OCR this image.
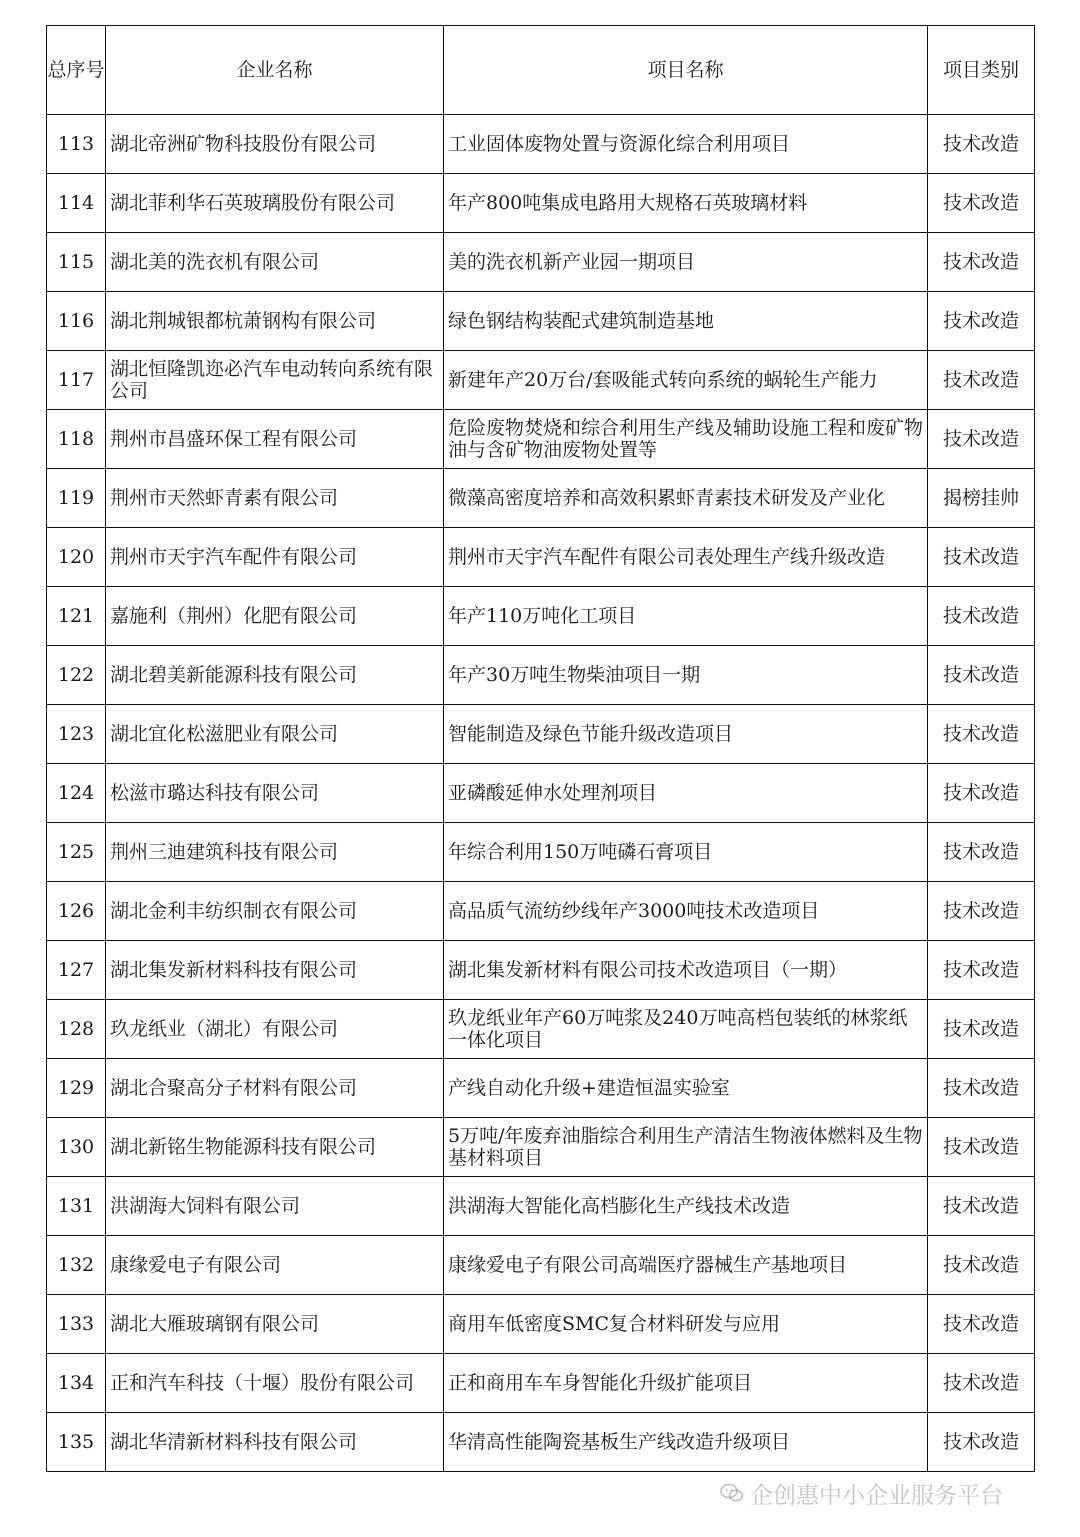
总序号	企业名称	项目名称	项目类别
113	湖北帝洲矿物科技股份有限公司	工业固体废物处置与资源化综合利用项目	技术改造
114	湖北菲利华石英玻璃股份有限公司	年产800吨集成电路用大规格石英玻璃材料	技术改造
115	湖北美的洗衣机有限公司	美的洗衣机新产业园一期项目	技术改造
116	湖北荆城银都杭萧钢构有限公司	绿色钢结构装配式建筑制造基地	技术改造
117	湖北恒隆凯迩必汽车电动转向系统有限公司	新建年产20万台/套吸能式转向系统的蜗轮生产能力	技术改造
118	荆州市昌盛环保工程有限公司	危险废物焚烧和综合利用生产线及辅助设施工程和废矿物油与含矿物油废物处置等	技术改造
119	荆州市天然虾青素有限公司	微藻高密度培养和高效积累虾青素技术研发及产业化	揭榜挂帅
120	荆州市天宇汽车配件有限公司	荆州市天宇汽车配件有限公司表处理生产线升级改造	技术改造
121	嘉施利（荆州）化肥有限公司	年产110万吨化工项目	技术改造
122	湖北碧美新能源科技有限公司	年产30万吨生物柴油项目一期	技术改造
123	湖北宜化松滋肥业有限公司	智能制造及绿色节能升级改造项目	技术改造
124	松滋市璐达科技有限公司	亚磷酸延伸水处理剂项目	技术改造
125	荆州三迪建筑科技有限公司	年综合利用150万吨磷石膏项目	技术改造
126	湖北金利丰纺织制衣有限公司	高品质气流纺纱线年产3000吨技术改造项目	技术改造
127	湖北集发新材料科技有限公司	湖北集发新材料有限公司技术改造项目（一期）	技术改造
128	玖龙纸业（湖北）有限公司	玖龙纸业年产60万吨浆及240万吨高档包装纸的林浆纸一体化项目	技术改造
129	湖北合聚高分子材料有限公司	产线自动化升级+建造恒温实验室	技术改造
130	湖北新铭生物能源科技有限公司	5万吨/年废弃油脂综合利用生产清洁生物液体燃料及生物基材料项目	技术改造
131	洪湖海大饲料有限公司	洪湖海大智能化高档膨化生产线技术改造	技术改造
132	康缘爱电子有限公司	康缘爱电子有限公司高端医疗器械生产基地项目	技术改造
133	湖北大雁玻璃钢有限公司	商用车低密度SMC复合材料研发与应用	技术改造
134	正和汽车科技（十堰）股份有限公司	正和商用车车身智能化升级扩能项目	技术改造
135	湖北华清新材料科技有限公司	华清高性能陶瓷基板生产线改造升级项目	技术改造
企创惠中小企业服务平台
